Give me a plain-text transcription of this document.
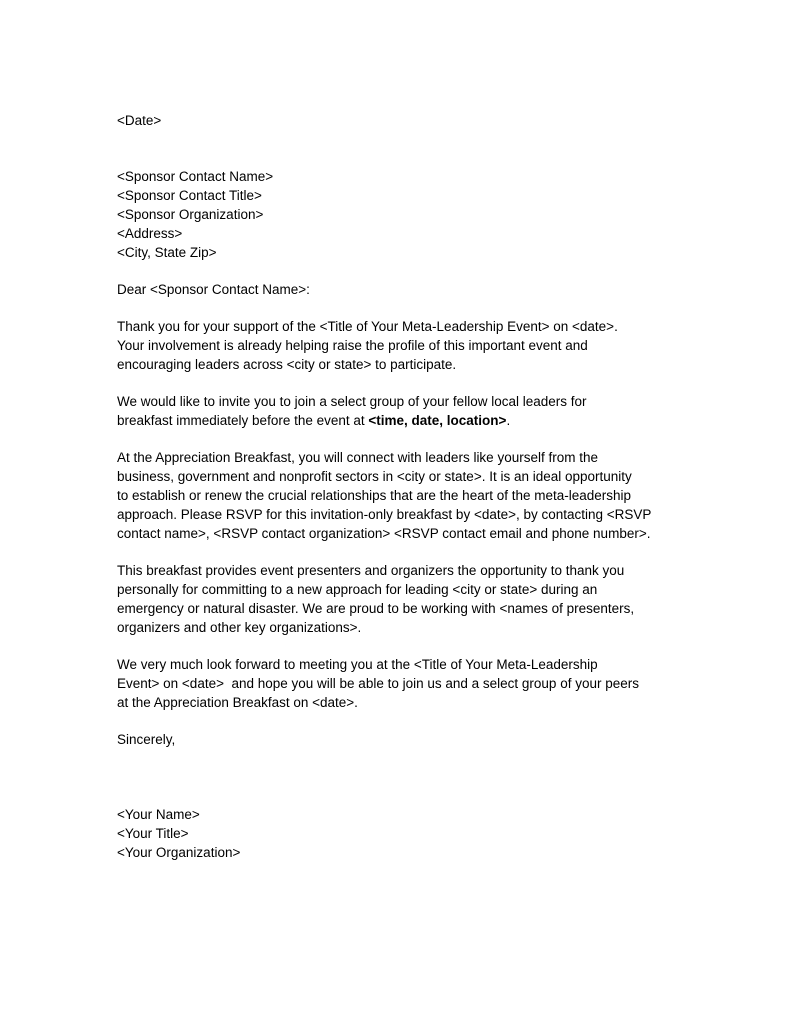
<Date>
<Sponsor Contact Name>
<Sponsor Contact Title>
<Sponsor Organization>
<Address>
<City, State Zip>
Dear <Sponsor Contact Name>:
Thank you for your support of the <Title of Your Meta-Leadership Event> on <date>.
Your involvement is already helping raise the profile of this important event and
encouraging leaders across <city or state> to participate.
We would like to invite you to join a select group of your fellow local leaders for
breakfast immediately before the event at <time, date, location>.
At the Appreciation Breakfast, you will connect with leaders like yourself from the
business, government and nonprofit sectors in <city or state>. It is an ideal opportunity
to establish or renew the crucial relationships that are the heart of the meta-leadership
approach. Please RSVP for this invitation-only breakfast by <date>, by contacting <RSVP
contact name>, <RSVP contact organization> <RSVP contact email and phone number>.
This breakfast provides event presenters and organizers the opportunity to thank you
personally for committing to a new approach for leading <city or state> during an
emergency or natural disaster. We are proud to be working with <names of presenters,
organizers and other key organizations>.
We very much look forward to meeting you at the <Title of Your Meta-Leadership
Event> on <date>  and hope you will be able to join us and a select group of your peers
at the Appreciation Breakfast on <date>.
Sincerely,
<Your Name>
<Your Title>
<Your Organization>
